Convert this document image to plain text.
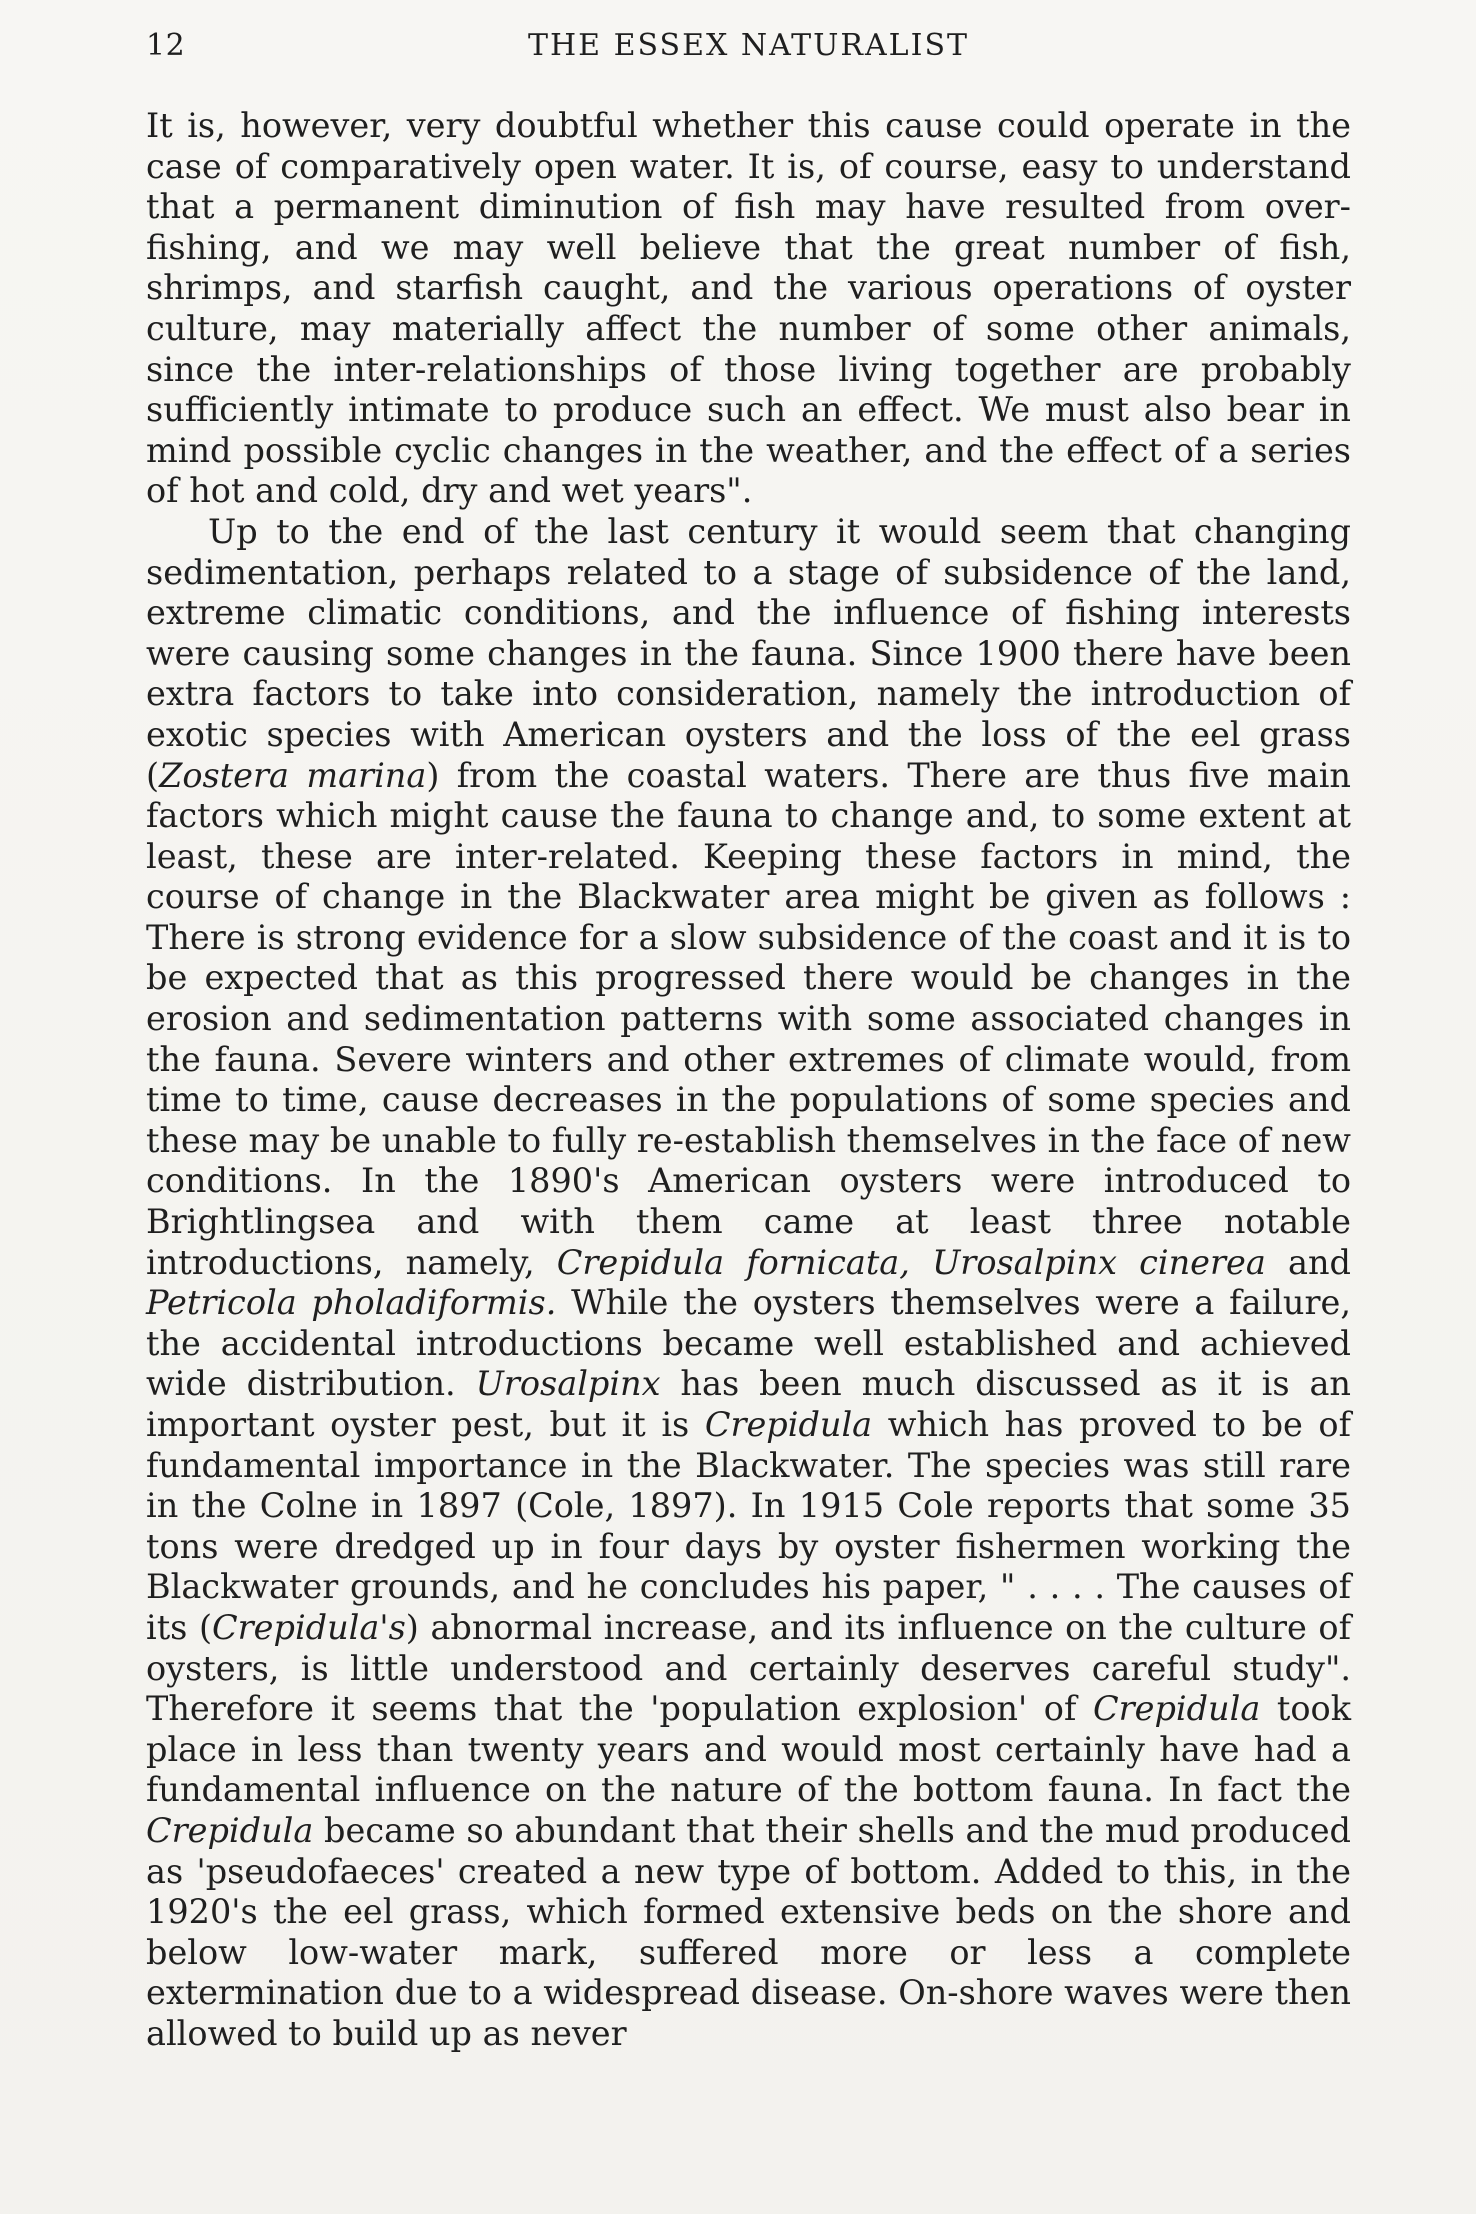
12	THE ESSEX NATURALIST

It is, however, very doubtful whether this cause could operate in the case of comparatively open water. It is, of course, easy to understand that a permanent diminution of fish may have resulted from over-fishing, and we may well believe that the great number of fish, shrimps, and starfish caught, and the various operations of oyster culture, may materially affect the number of some other animals, since the inter-relationships of those living together are probably sufficiently intimate to produce such an effect. We must also bear in mind possible cyclic changes in the weather, and the effect of a series of hot and cold, dry and wet years".

Up to the end of the last century it would seem that changing sedimentation, perhaps related to a stage of subsidence of the land, extreme climatic conditions, and the influence of fishing interests were causing some changes in the fauna. Since 1900 there have been extra factors to take into consideration, namely the introduction of exotic species with American oysters and the loss of the eel grass (Zostera marina) from the coastal waters. There are thus five main factors which might cause the fauna to change and, to some extent at least, these are inter-related. Keeping these factors in mind, the course of change in the Blackwater area might be given as follows : There is strong evidence for a slow subsidence of the coast and it is to be expected that as this progressed there would be changes in the erosion and sedimentation patterns with some associated changes in the fauna. Severe winters and other extremes of climate would, from time to time, cause decreases in the populations of some species and these may be unable to fully re-establish themselves in the face of new conditions. In the 1890's American oysters were introduced to Brightlingsea and with them came at least three notable introductions, namely, Crepidula fornicata, Urosalpinx cinerea and Petricola pholadiformis. While the oysters themselves were a failure, the accidental introductions became well established and achieved wide distribution. Urosalpinx has been much discussed as it is an important oyster pest, but it is Crepidula which has proved to be of fundamental importance in the Blackwater. The species was still rare in the Colne in 1897 (Cole, 1897). In 1915 Cole reports that some 35 tons were dredged up in four days by oyster fishermen working the Blackwater grounds, and he concludes his paper, " . . . . The causes of its (Crepidula's) abnormal increase, and its influence on the culture of oysters, is little understood and certainly deserves careful study". Therefore it seems that the 'population explosion' of Crepidula took place in less than twenty years and would most certainly have had a fundamental influence on the nature of the bottom fauna. In fact the Crepidula became so abundant that their shells and the mud produced as 'pseudofaeces' created a new type of bottom. Added to this, in the 1920's the eel grass, which formed extensive beds on the shore and below low-water mark, suffered more or less a complete extermination due to a widespread disease. On-shore waves were then allowed to build up as never
